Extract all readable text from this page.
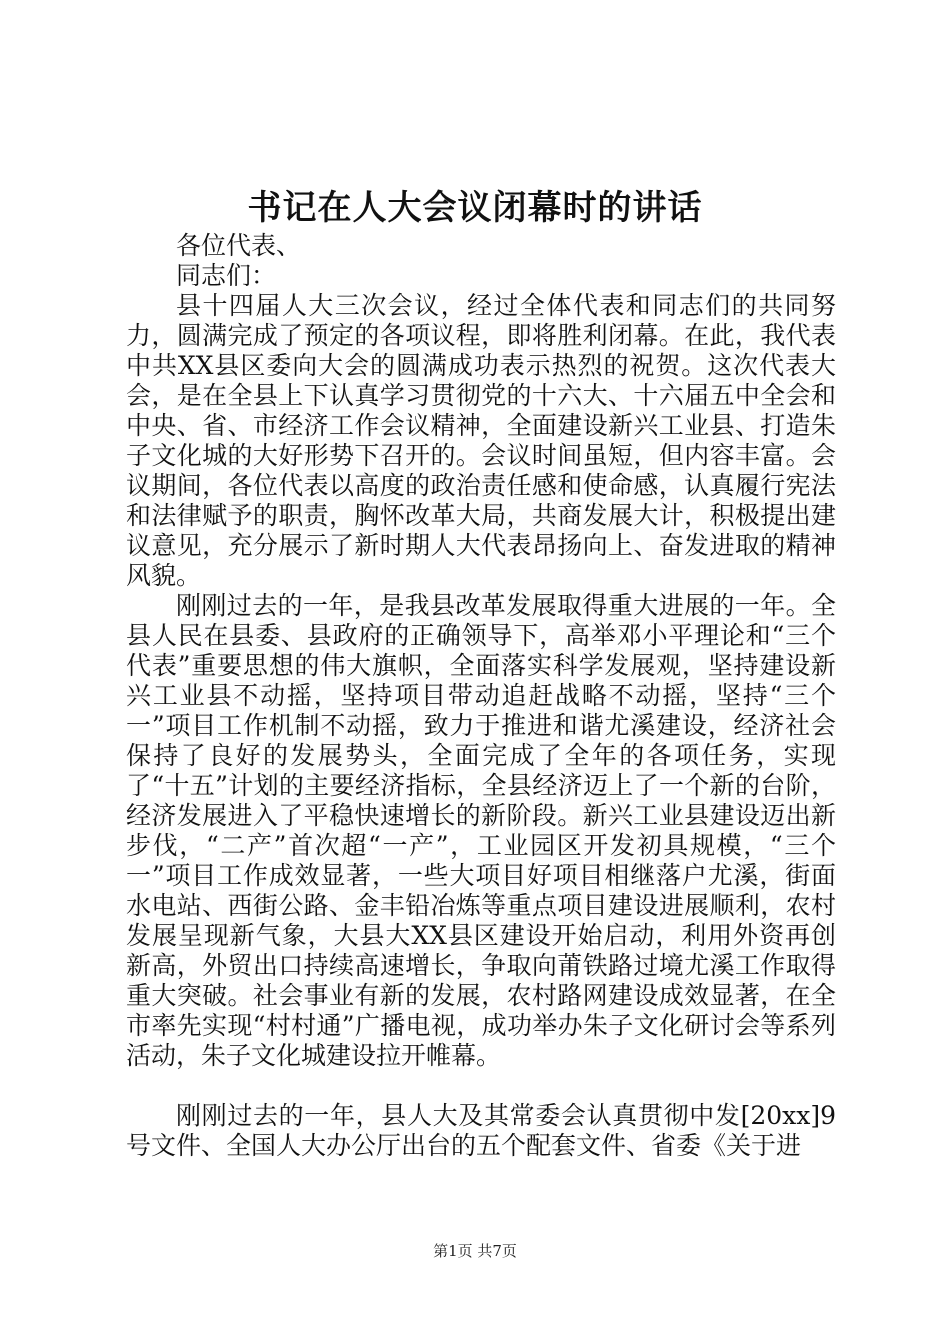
书记在人大会议闭幕时的讲话

各位代表、

同志们：

县十四届人大三次会议，经过全体代表和同志们的共同努力，圆满完成了预定的各项议程，即将胜利闭幕。在此，我代表中共XX县区委向大会的圆满成功表示热烈的祝贺。这次代表大会，是在全县上下认真学习贯彻党的十六大、十六届五中全会和中央、省、市经济工作会议精神，全面建设新兴工业县、打造朱子文化城的大好形势下召开的。会议时间虽短，但内容丰富。会议期间，各位代表以高度的政治责任感和使命感，认真履行宪法和法律赋予的职责，胸怀改革大局，共商发展大计，积极提出建议意见，充分展示了新时期人大代表昂扬向上、奋发进取的精神风貌。

刚刚过去的一年，是我县改革发展取得重大进展的一年。全县人民在县委、县政府的正确领导下，高举邓小平理论和“三个代表”重要思想的伟大旗帜，全面落实科学发展观，坚持建设新兴工业县不动摇，坚持项目带动追赶战略不动摇，坚持“三个一”项目工作机制不动摇，致力于推进和谐尤溪建设，经济社会保持了良好的发展势头，全面完成了全年的各项任务，实现了“十五”计划的主要经济指标，全县经济迈上了一个新的台阶，经济发展进入了平稳快速增长的新阶段。新兴工业县建设迈出新步伐，“二产”首次超“一产”，工业园区开发初具规模，“三个一”项目工作成效显著，一些大项目好项目相继落户尤溪，街面水电站、西街公路、金丰铅冶炼等重点项目建设进展顺利，农村发展呈现新气象，大县大XX县区建设开始启动，利用外资再创新高，外贸出口持续高速增长，争取向莆铁路过境尤溪工作取得重大突破。社会事业有新的发展，农村路网建设成效显著，在全市率先实现“村村通”广播电视，成功举办朱子文化研讨会等系列活动，朱子文化城建设拉开帷幕。

刚刚过去的一年，县人大及其常委会认真贯彻中发[20xx]9号文件、全国人大办公厅出台的五个配套文件、省委《关于进

第1页 共7页
